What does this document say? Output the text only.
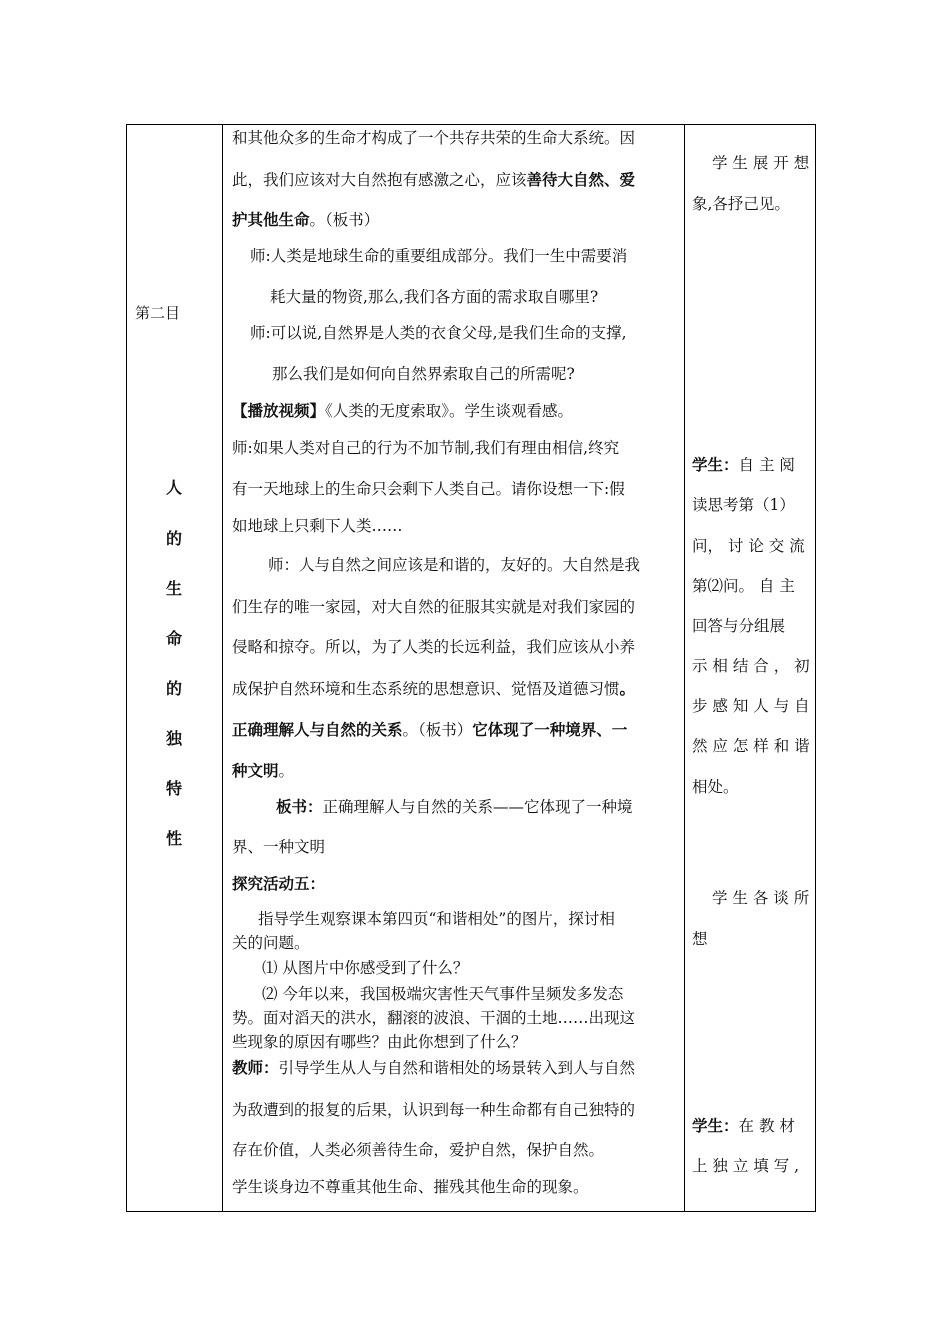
第二目
人
的
生
命
的
独
特
性
和其他众多的生命才构成了一个共存共荣的生命大系统。因
此，我们应该对大自然抱有感激之心，应该善待大自然、爱
护其他生命。（板书）
师:人类是地球生命的重要组成部分。我们一生中需要消
耗大量的物资,那么,我们各方面的需求取自哪里?
师:可以说,自然界是人类的衣食父母,是我们生命的支撑,
那么我们是如何向自然界索取自己的所需呢?
【播放视频】《人类的无度索取》。学生谈观看感。
师:如果人类对自己的行为不加节制,我们有理由相信,终究
有一天地球上的生命只会剩下人类自己。请你设想一下:假
如地球上只剩下人类……
师：人与自然之间应该是和谐的，友好的。大自然是我
们生存的唯一家园，对大自然的征服其实就是对我们家园的
侵略和掠夺。所以，为了人类的长远利益，我们应该从小养
成保护自然环境和生态系统的思想意识、觉悟及道德习惯。
正确理解人与自然的关系。（板书）它体现了一种境界、一
种文明。
板书：正确理解人与自然的关系——它体现了一种境
界、一种文明
探究活动五：
指导学生观察课本第四页“和谐相处”的图片，探讨相
关的问题。
⑴ 从图片中你感受到了什么？
⑵ 今年以来，我国极端灾害性天气事件呈频发多发态
势。面对滔天的洪水，翻滚的波浪、干涸的土地……出现这
些现象的原因有哪些？由此你想到了什么？
教师：引导学生从人与自然和谐相处的场景转入到人与自然
为敌遭到的报复的后果，认识到每一种生命都有自己独特的
存在价值，人类必须善待生命，爱护自然，保护自然。
学生谈身边不尊重其他生命、摧残其他生命的现象。
学 生 展 开 想
象,各抒己见。
学生：自 主 阅
读思考第（1）
问， 讨 论 交 流
第⑵问。 自 主
回答与分组展
示 相 结 合 ， 初
步 感 知 人 与 自
然 应 怎 样 和 谐
相处。
学 生 各 谈 所
想
学生：在 教 材
上 独 立 填 写 ,
